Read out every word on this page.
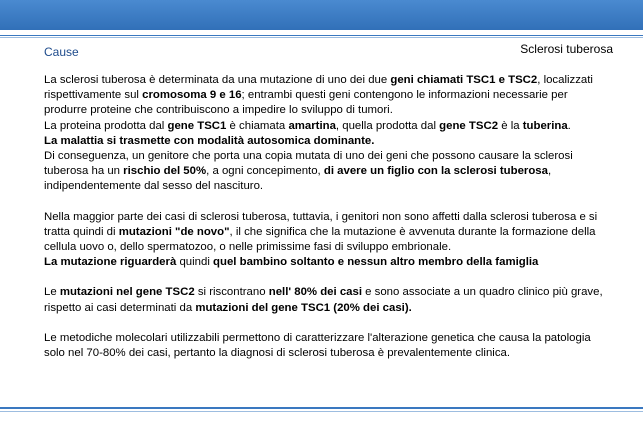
Cause	Sclerosi tuberosa

La sclerosi tuberosa è determinata da una mutazione di uno dei due geni chiamati TSC1 e TSC2, localizzati rispettivamente sul cromosoma 9 e 16; entrambi questi geni contengono le informazioni necessarie per produrre proteine che contribuiscono a impedire lo sviluppo di tumori.

La proteina prodotta dal gene TSC1 è chiamata amartina, quella prodotta dal gene TSC2 è la tuberina.

La malattia si trasmette con modalità autosomica dominante.

Di conseguenza, un genitore che porta una copia mutata di uno dei geni che possono causare la sclerosi tuberosa ha un rischio del 50%, a ogni concepimento, di avere un figlio con la sclerosi tuberosa, indipendentemente dal sesso del nascituro.

Nella maggior parte dei casi di sclerosi tuberosa, tuttavia, i genitori non sono affetti dalla sclerosi tuberosa e si tratta quindi di mutazioni "de novo", il che significa che la mutazione è avvenuta durante la formazione della cellula uovo o, dello spermatozoo, o nelle primissime fasi di sviluppo embrionale.

La mutazione riguarderà quindi quel bambino soltanto e nessun altro membro della famiglia

Le mutazioni nel gene TSC2 si riscontrano nell' 80% dei casi e sono associate a un quadro clinico più grave, rispetto ai casi determinati da mutazioni del gene TSC1 (20% dei casi).

Le metodiche molecolari utilizzabili permettono di caratterizzare l'alterazione genetica che causa la patologia solo nel 70-80% dei casi, pertanto la diagnosi di sclerosi tuberosa è prevalentemente clinica.
